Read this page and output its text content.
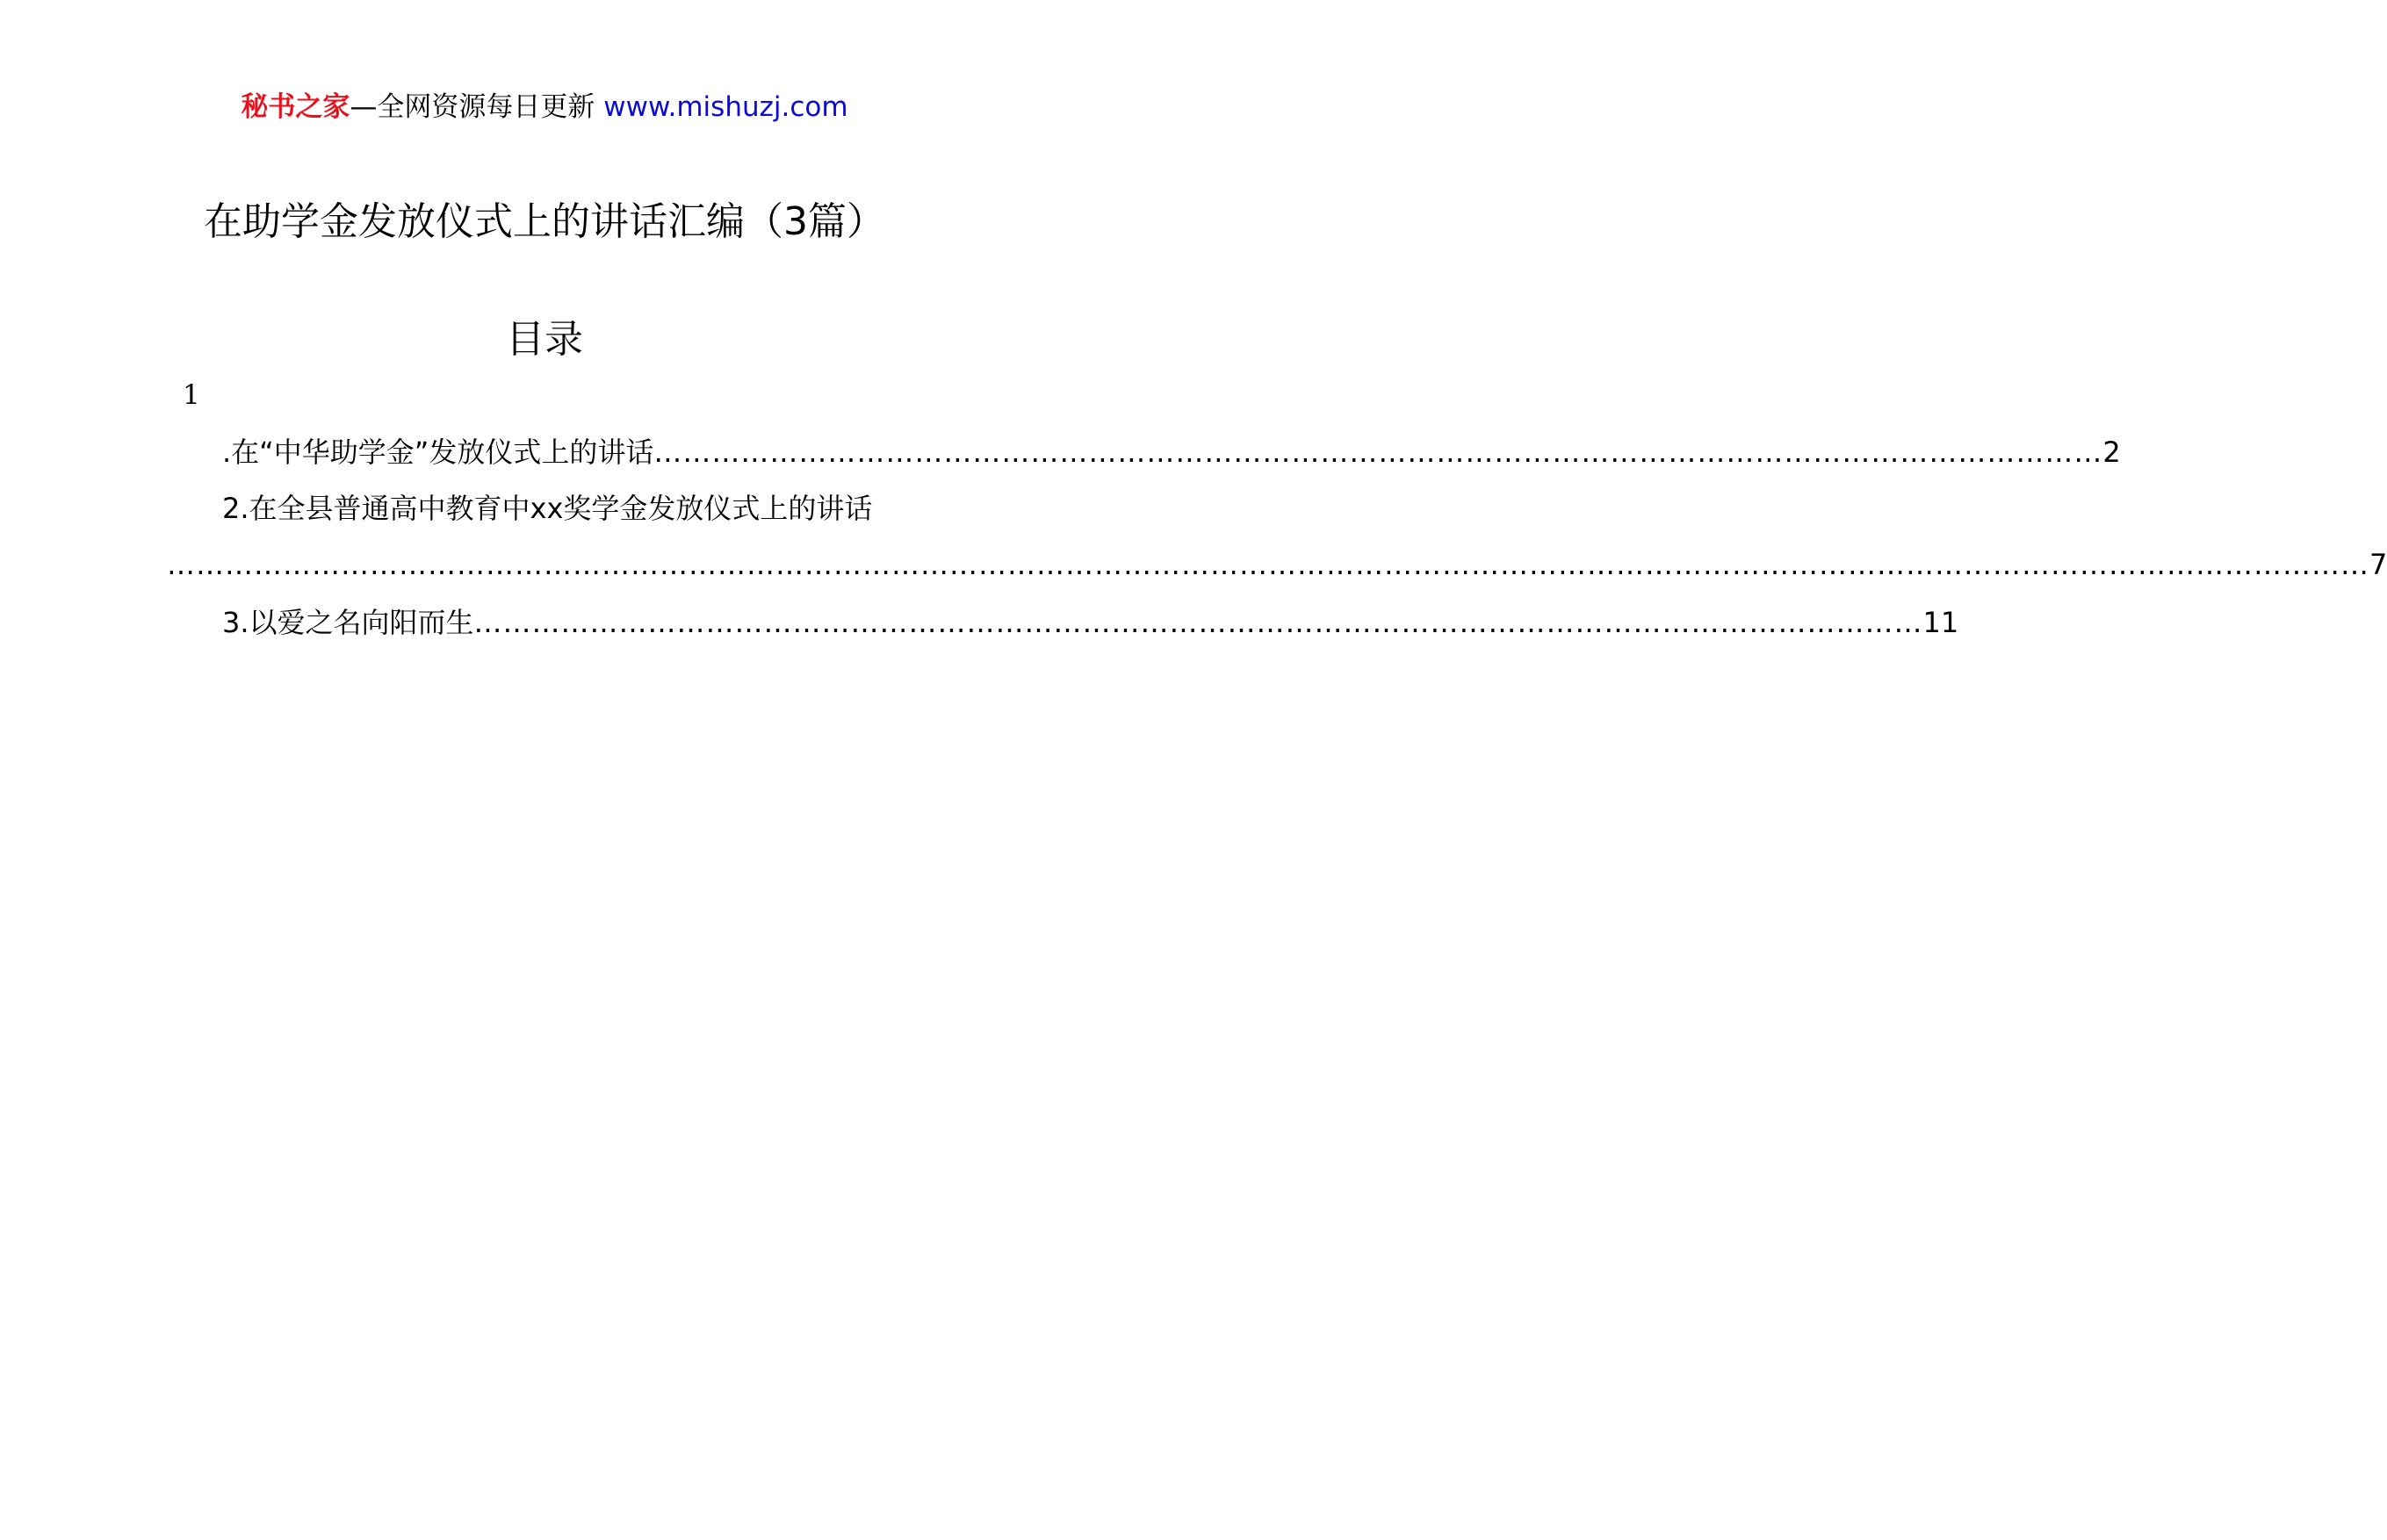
秘书之家—全网资源每日更新 www.mishuzj.com
在助学金发放仪式上的讲话汇编（3篇）
目录
1
.在“中华助学金”发放仪式上的讲话 …………………………………………………………………………………………………………………………………… 2
2.在全县普通高中教育中xx奖学金发放仪式上的讲话
………………………………………………………………………………………………………………………………………………………………………………………………………… 7
3.以爱之名向阳而生 …………………………………………………………………………………………………………………………………… 11
